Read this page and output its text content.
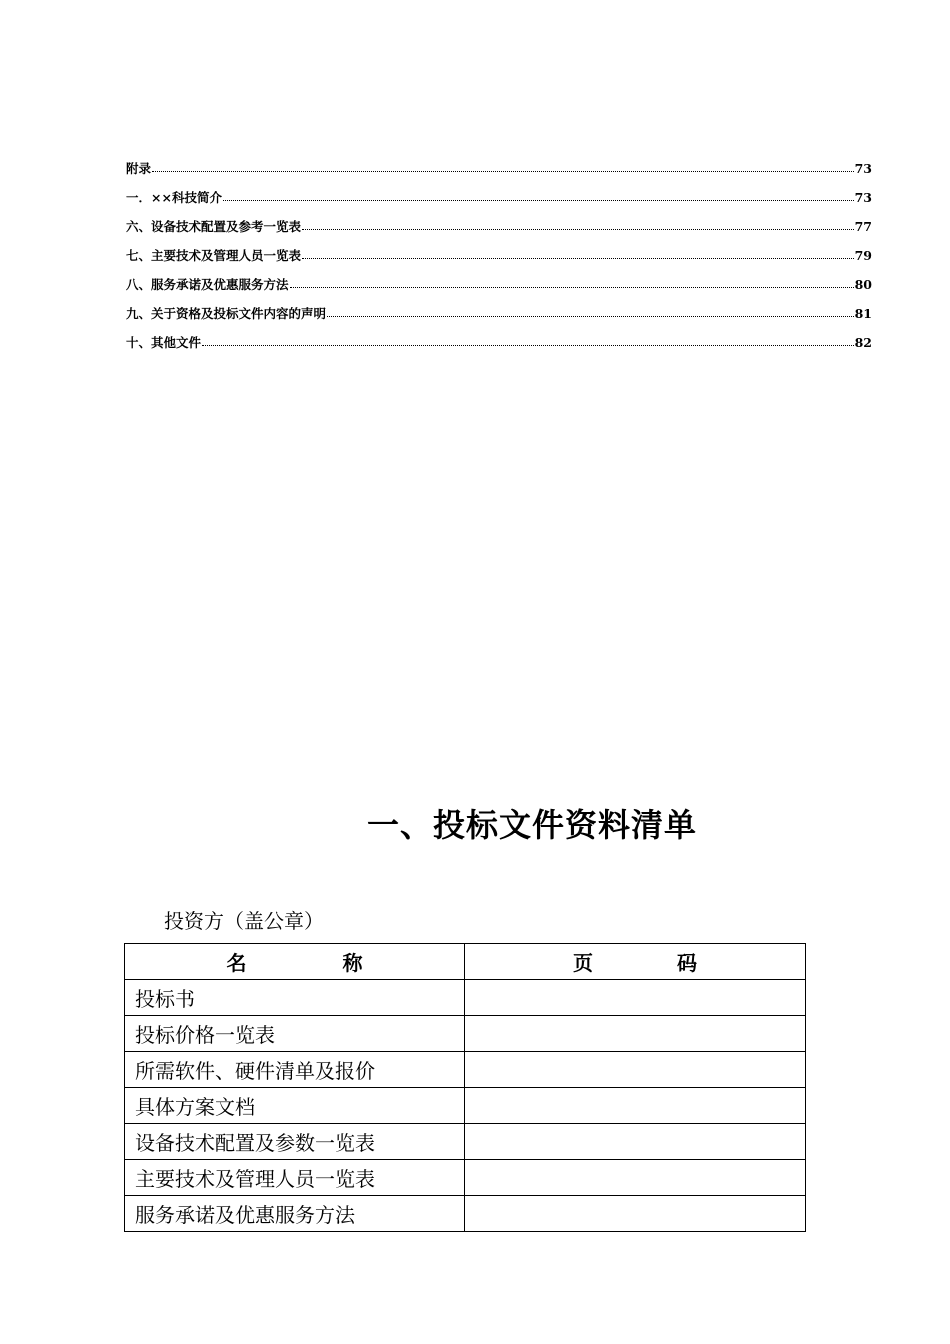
附录	73
一．××科技简介	73
六、设备技术配置及参考一览表	77
七、主要技术及管理人员一览表	79
八、服务承诺及优惠服务方法	80
九、关于资格及投标文件内容的声明	81
十、其他文件	82
一、投标文件资料清单
投资方（盖公章）
名 称	页 码
投标书	
投标价格一览表	
所需软件、硬件清单及报价	
具体方案文档	
设备技术配置及参数一览表	
主要技术及管理人员一览表	
服务承诺及优惠服务方法	
